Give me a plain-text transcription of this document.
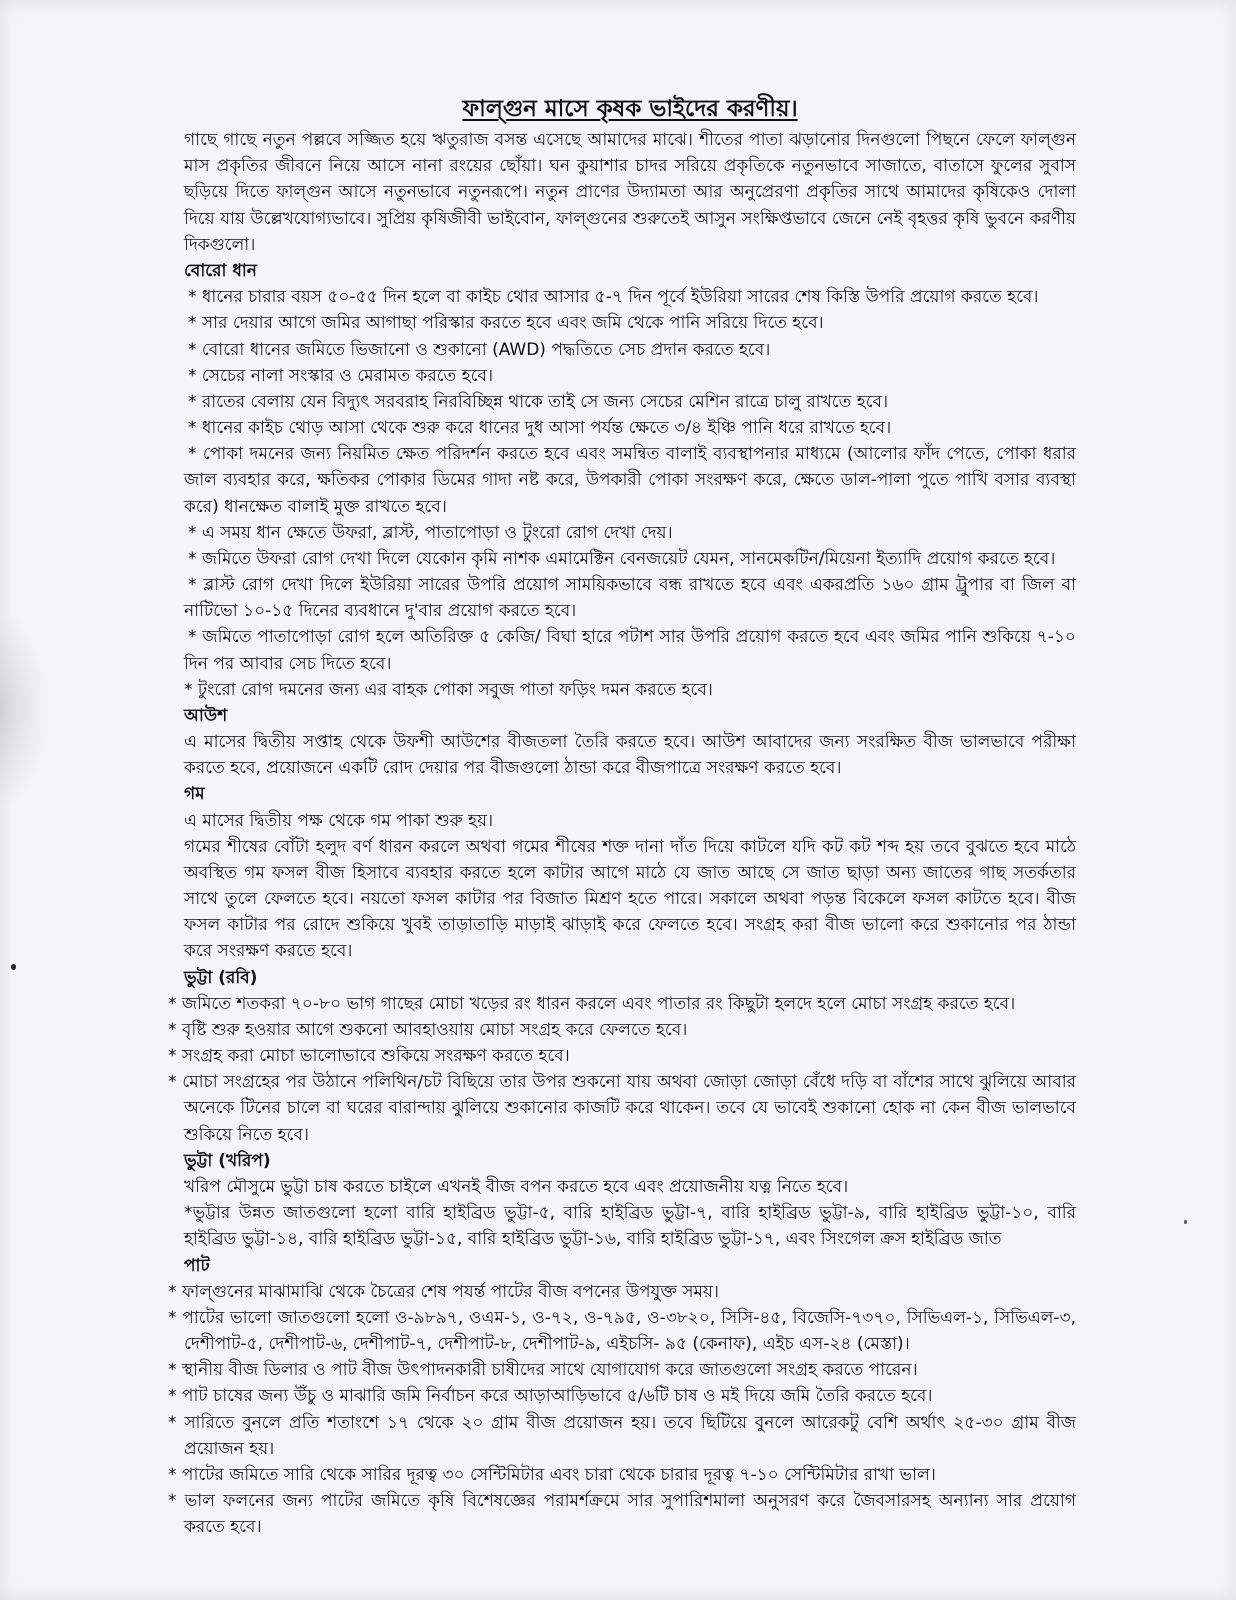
ফাল্গুন মাসে কৃষক ভাইদের করণীয়।

গাছে গাছে নতুন পল্লবে সজ্জিত হয়ে ঋতুরাজ বসন্ত এসেছে আমাদের মাঝে। শীতের পাতা ঝড়ানোর দিনগুলো পিছনে ফেলে ফাল্গুন মাস প্রকৃতির জীবনে নিয়ে আসে নানা রংয়ের ছোঁয়া। ঘন কুয়াশার চাদর সরিয়ে প্রকৃতিকে নতুনভাবে সাজাতে, বাতাসে ফুলের সুবাস ছড়িয়ে দিতে ফাল্গুন আসে নতুনভাবে নতুনরূপে। নতুন প্রাণের উদ্যামতা আর অনুপ্রেরণা প্রকৃতির সাথে আমাদের কৃষিকেও দোলা দিয়ে যায় উল্লেখযোগ্যভাবে। সুপ্রিয় কৃষিজীবী ভাইবোন, ফাল্গুনের শুরুতেই আসুন সংক্ষিপ্তভাবে জেনে নেই বৃহত্তর কৃষি ভুবনে করণীয় দিকগুলো।

বোরো ধান

* ধানের চারার বয়স ৫০-৫৫ দিন হলে বা কাইচ থোর আসার ৫-৭ দিন পূর্বে ইউরিয়া সারের শেষ কিস্তি উপরি প্রয়োগ করতে হবে।

* সার দেয়ার আগে জমির আগাছা পরিস্কার করতে হবে এবং জমি থেকে পানি সরিয়ে দিতে হবে।

* বোরো ধানের জমিতে ভিজানো ও শুকানো (AWD) পদ্ধতিতে সেচ প্রদান করতে হবে।

* সেচের নালা সংস্কার ও মেরামত করতে হবে।

* রাতের বেলায় যেন বিদ্যুৎ সরবরাহ নিরবিচ্ছিন্ন থাকে তাই সে জন্য সেচের মেশিন রাত্রে চালু রাখতে হবে।

* ধানের কাইচ থোড় আসা থেকে শুরু করে ধানের দুধ আসা পর্যন্ত ক্ষেতে ৩/৪ ইঞ্চি পানি ধরে রাখতে হবে।

* পোকা দমনের জন্য নিয়মিত ক্ষেত পরিদর্শন করতে হবে এবং সমন্বিত বালাই ব্যবস্থাপনার মাধ্যমে (আলোর ফাঁদ পেতে, পোকা ধরার জাল ব্যবহার করে, ক্ষতিকর পোকার ডিমের গাদা নষ্ট করে, উপকারী পোকা সংরক্ষণ করে, ক্ষেতে ডাল-পালা পুতে পাখি বসার ব্যবস্থা করে) ধানক্ষেত বালাই মুক্ত রাখতে হবে।

* এ সময় ধান ক্ষেতে উফরা, ব্লাস্ট, পাতাপোড়া ও টুংরো রোগ দেখা দেয়।

* জমিতে উফরা রোগ দেখা দিলে যেকোন কৃমি নাশক এমামেক্টিন বেনজয়েট যেমন, সানমেকটিন/মিয়েনা ইত্যাদি প্রয়োগ করতে হবে।

* ব্লাস্ট রোগ দেখা দিলে ইউরিয়া সারের উপরি প্রয়োগ সাময়িকভাবে বন্ধ রাখতে হবে এবং একরপ্রতি ১৬০ গ্রাম ট্রুপার বা জিল বা নাটিভো ১০-১৫ দিনের ব্যবধানে দু'বার প্রয়োগ করতে হবে।

* জমিতে পাতাপোড়া রোগ হলে অতিরিক্ত ৫ কেজি/ বিঘা হারে পটাশ সার উপরি প্রয়োগ করতে হবে এবং জমির পানি শুকিয়ে ৭-১০ দিন পর আবার সেচ দিতে হবে।

* টুংরো রোগ দমনের জন্য এর বাহক পোকা সবুজ পাতা ফড়িং দমন করতে হবে।

আউশ

এ মাসের দ্বিতীয় সপ্তাহ থেকে উফশী আউশের বীজতলা তৈরি করতে হবে। আউশ আবাদের জন্য সংরক্ষিত বীজ ভালভাবে পরীক্ষা করতে হবে, প্রয়োজনে একটি রোদ দেয়ার পর বীজগুলো ঠান্ডা করে বীজপাত্রে সংরক্ষণ করতে হবে।

গম

এ মাসের দ্বিতীয় পক্ষ থেকে গম পাকা শুরু হয়।

গমের শীষের বোঁটা হলুদ বর্ণ ধারন করলে অথবা গমের শীষের শক্ত দানা দাঁত দিয়ে কাটলে যদি কট কট শব্দ হয় তবে বুঝতে হবে মাঠে অবস্থিত গম ফসল বীজ হিসাবে ব্যবহার করতে হলে কাটার আগে মাঠে যে জাত আছে সে জাত ছাড়া অন্য জাতের গাছ সতর্কতার সাথে তুলে ফেলতে হবে। নয়তো ফসল কাটার পর বিজাত মিশ্রণ হতে পারে। সকালে অথবা পড়ন্ত বিকেলে ফসল কাটতে হবে। বীজ ফসল কাটার পর রোদে শুকিয়ে খুবই তাড়াতাড়ি মাড়াই ঝাড়াই করে ফেলতে হবে। সংগ্রহ করা বীজ ভালো করে শুকানোর পর ঠান্ডা করে সংরক্ষণ করতে হবে।

ভুট্টা (রবি)

* জমিতে শতকরা ৭০-৮০ ভাগ গাছের মোচা খড়ের রং ধারন করলে এবং পাতার রং কিছুটা হলদে হলে মোচা সংগ্রহ করতে হবে।

* বৃষ্টি শুরু হওয়ার আগে শুকনো আবহাওয়ায় মোচা সংগ্রহ করে ফেলতে হবে।

* সংগ্রহ করা মোচা ভালোভাবে শুকিয়ে সংরক্ষণ করতে হবে।

* মোচা সংগ্রহের পর উঠানে পলিথিন/চট বিছিয়ে তার উপর শুকনো যায় অথবা জোড়া জোড়া বেঁধে দড়ি বা বাঁশের সাথে ঝুলিয়ে আবার অনেকে টিনের চালে বা ঘরের বারান্দায় ঝুলিয়ে শুকানোর কাজটি করে থাকেন। তবে যে ভাবেই শুকানো হোক না কেন বীজ ভালভাবে শুকিয়ে নিতে হবে।

ভুট্টা (খরিপ)

খরিপ মৌসুমে ভুট্টা চাষ করতে চাইলে এখনই বীজ বপন করতে হবে এবং প্রয়োজনীয় যত্ন নিতে হবে।

*ভুট্টার উন্নত জাতগুলো হলো বারি হাইব্রিড ভুট্টা-৫, বারি হাইব্রিড ভুট্টা-৭, বারি হাইব্রিড ভুট্টা-৯, বারি হাইব্রিড ভুট্টা-১০, বারি হাইব্রিড ভুট্টা-১৪, বারি হাইব্রিড ভুট্টা-১৫, বারি হাইব্রিড ভুট্টা-১৬, বারি হাইব্রিড ভুট্টা-১৭, এবং সিংগেল ক্রস হাইব্রিড জাত

পাট

* ফাল্গুনের মাঝামাঝি থেকে চৈত্রের শেষ পযর্ন্ত পাটের বীজ বপনের উপযুক্ত সময়।

* পাটের ভালো জাতগুলো হলো ও-৯৮৯৭, ওএম-১, ও-৭২, ও-৭৯৫, ও-৩৮২০, সিসি-৪৫, বিজেসি-৭৩৭০, সিভিএল-১, সিভিএল-৩, দেশীপাট-৫, দেশীপাট-৬, দেশীপাট-৭, দেশীপাট-৮, দেশীপাট-৯, এইচসি- ৯৫ (কেনাফ), এইচ এস-২৪ (মেস্তা)।

* স্থানীয় বীজ ডিলার ও পাট বীজ উৎপাদনকারী চাষীদের সাথে যোগাযোগ করে জাতগুলো সংগ্রহ করতে পারেন।

* পাট চাষের জন্য উঁচু ও মাঝারি জমি নির্বাচন করে আড়াআড়িভাবে ৫/৬টি চাষ ও মই দিয়ে জমি তৈরি করতে হবে।

* সারিতে বুনলে প্রতি শতাংশে ১৭ থেকে ২০ গ্রাম বীজ প্রয়োজন হয়। তবে ছিটিয়ে বুনলে আরেকটু বেশি অর্থাৎ ২৫-৩০ গ্রাম বীজ প্রয়োজন হয়।

* পাটের জমিতে সারি থেকে সারির দূরত্ব ৩০ সেন্টিমিটার এবং চারা থেকে চারার দূরত্ব ৭-১০ সেন্টিমিটার রাখা ভাল।

* ভাল ফলনের জন্য পাটের জমিতে কৃষি বিশেষজ্ঞের পরামর্শক্রমে সার সুপারিশমালা অনুসরণ করে জৈবসারসহ অন্যান্য সার প্রয়োগ করতে হবে।
